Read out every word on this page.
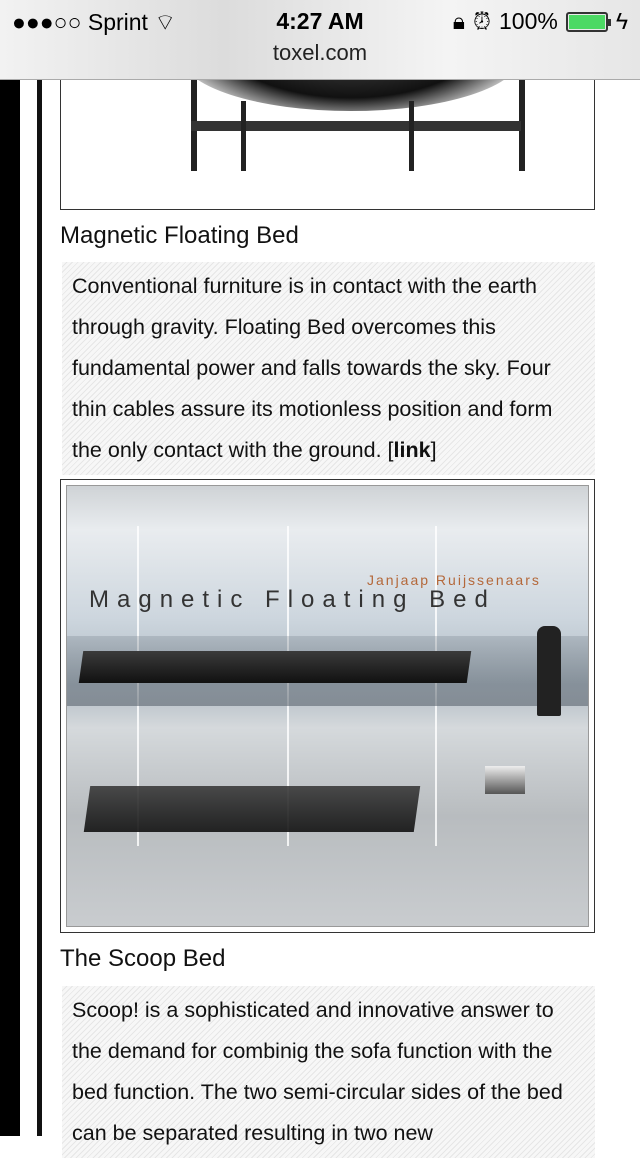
●●●○○ Sprint ⌔	4:27 AM	🔒︎ ⏰︎ 100%	ϟ
toxel.com
Magnetic Floating Bed
Conventional furniture is in contact with the earth through gravity. Floating Bed overcomes this fundamental power and falls towards the sky. Four thin cables assure its motionless position and form the only contact with the ground. [link]
Janjaap Ruijssenaars
Magnetic Floating Bed
The Scoop Bed
Scoop! is a sophisticated and innovative answer to the demand for combinig the sofa function with the bed function. The two semi-circular sides of the bed can be separated resulting in two new
